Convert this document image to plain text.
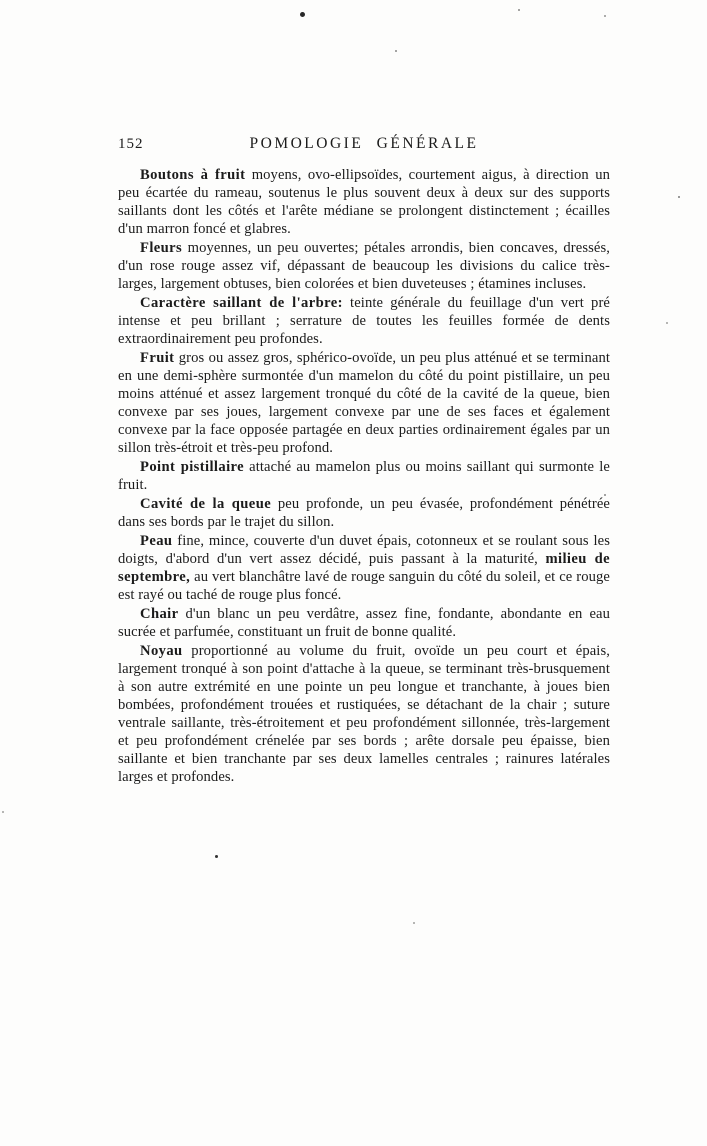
152	POMOLOGIE GÉNÉRALE

Boutons à fruit moyens, ovo-ellipsoïdes, courtement aigus, à direction un peu écartée du rameau, soutenus le plus souvent deux à deux sur des supports saillants dont les côtés et l'arête médiane se prolongent distinctement ; écailles d'un marron foncé et glabres.

Fleurs moyennes, un peu ouvertes; pétales arrondis, bien concaves, dressés, d'un rose rouge assez vif, dépassant de beaucoup les divisions du calice très-larges, largement obtuses, bien colorées et bien duveteuses ; étamines incluses.

Caractère saillant de l'arbre: teinte générale du feuillage d'un vert pré intense et peu brillant ; serrature de toutes les feuilles formée de dents extraordinairement peu profondes.

Fruit gros ou assez gros, sphérico-ovoïde, un peu plus atténué et se terminant en une demi-sphère surmontée d'un mamelon du côté du point pistillaire, un peu moins atténué et assez largement tronqué du côté de la cavité de la queue, bien convexe par ses joues, largement convexe par une de ses faces et également convexe par la face opposée partagée en deux parties ordinairement égales par un sillon très-étroit et très-peu profond.

Point pistillaire attaché au mamelon plus ou moins saillant qui surmonte le fruit.

Cavité de la queue peu profonde, un peu évasée, profondément pénétrée dans ses bords par le trajet du sillon.

Peau fine, mince, couverte d'un duvet épais, cotonneux et se roulant sous les doigts, d'abord d'un vert assez décidé, puis passant à la maturité, milieu de septembre, au vert blanchâtre lavé de rouge sanguin du côté du soleil, et ce rouge est rayé ou taché de rouge plus foncé.

Chair d'un blanc un peu verdâtre, assez fine, fondante, abondante en eau sucrée et parfumée, constituant un fruit de bonne qualité.

Noyau proportionné au volume du fruit, ovoïde un peu court et épais, largement tronqué à son point d'attache à la queue, se terminant très-brusquement à son autre extrémité en une pointe un peu longue et tranchante, à joues bien bombées, profondément trouées et rustiquées, se détachant de la chair ; suture ventrale saillante, très-étroitement et peu profondément sillonnée, très-largement et peu profondément crénelée par ses bords ; arête dorsale peu épaisse, bien saillante et bien tranchante par ses deux lamelles centrales ; rainures latérales larges et profondes.
